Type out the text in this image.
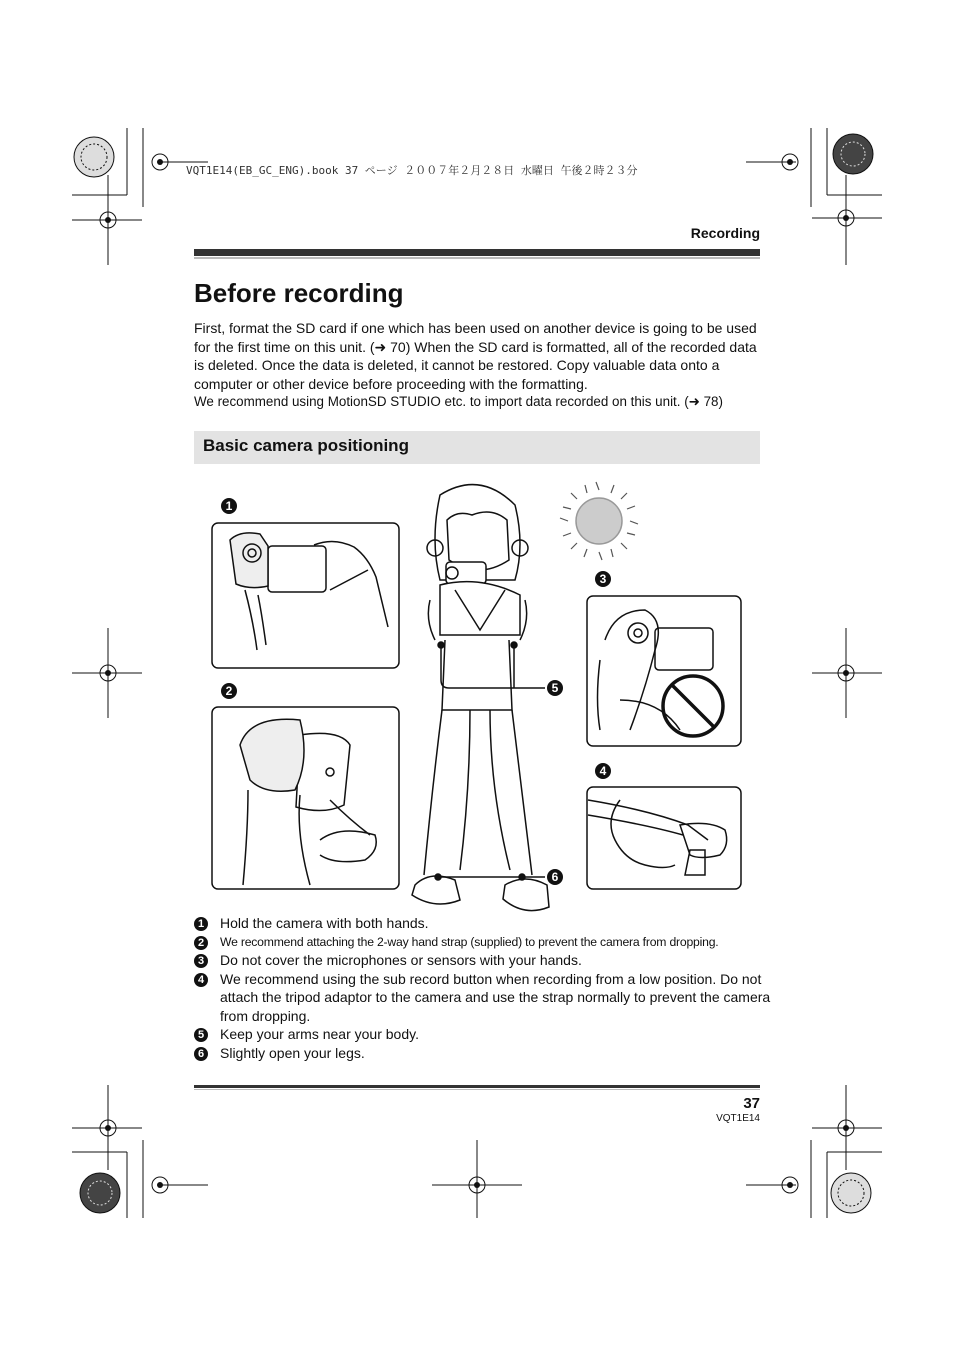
VQT1E14(EB_GC_ENG).book 37 ページ ２００７年２月２８日 水曜日 午後２時２３分
Recording
Before recording
First, format the SD card if one which has been used on another device is going to be used for the first time on this unit. (➜ 70) When the SD card is formatted, all of the recorded data is deleted. Once the data is deleted, it cannot be restored. Copy valuable data onto a computer or other device before proceeding with the formatting.
We recommend using MotionSD STUDIO etc. to import data recorded on this unit. (➜ 78)
Basic camera positioning
1
2
3
4
5
6
1 Hold the camera with both hands.
2	We recommend attaching the 2-way hand strap (supplied) to prevent the camera from dropping.
3 Do not cover the microphones or sensors with your hands.
4 We recommend using the sub record button when recording from a low position. Do not attach the tripod adaptor to the camera and use the strap normally to prevent the camera from dropping.
5 Keep your arms near your body.
6 Slightly open your legs.
37
VQT1E14
